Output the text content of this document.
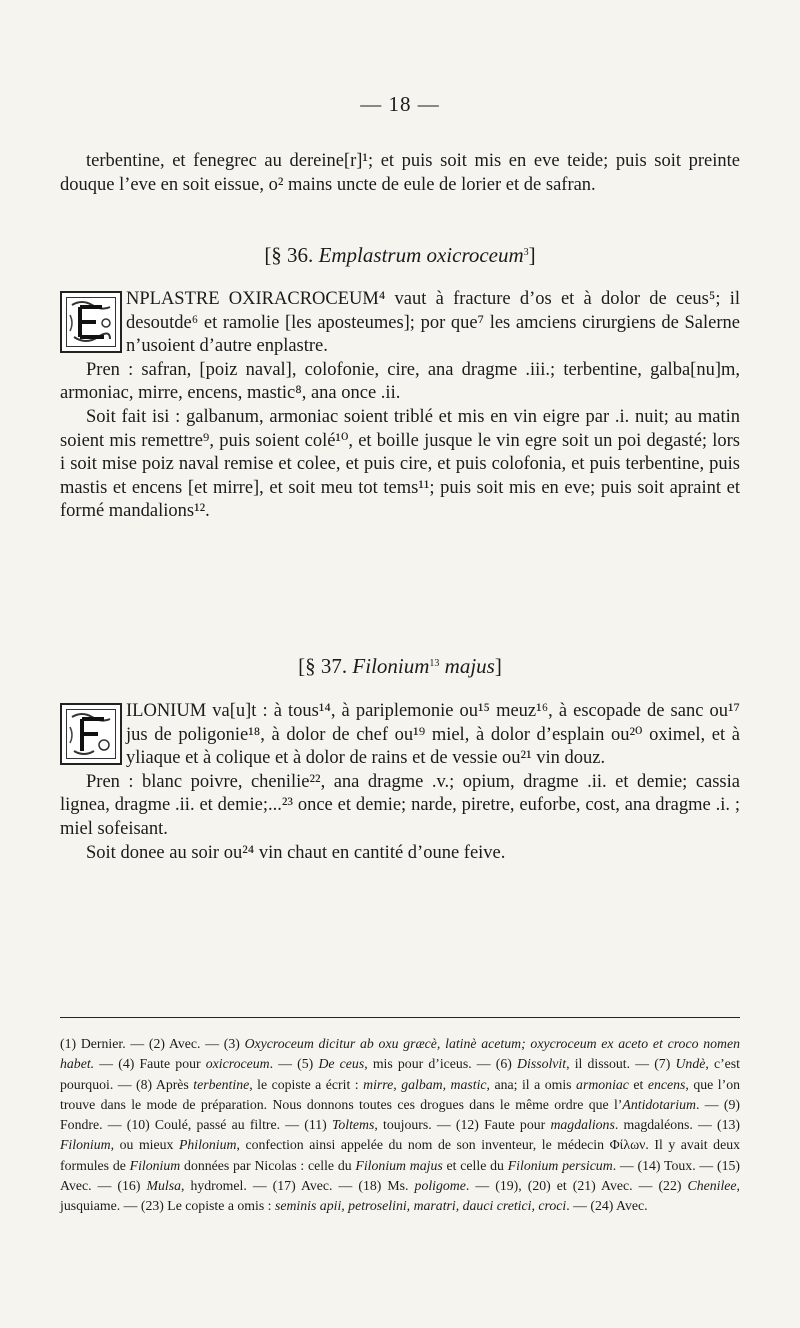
— 18 —

terbentine, et fenegrec au dereine[r]¹; et puis soit mis en eve teide; puis soit preinte douque l’eve en soit eissue, o² mains uncte de eule de lorier et de safran.

[§ 36. Emplastrum oxicroceum$^3$]

NPLASTRE OXIRACROCEUM⁴ vaut à fracture d’os et à dolor de ceus⁵; il desoutde⁶ et ramolie [les aposteumes]; por que⁷ les amciens cirurgiens de Salerne n’usoient d’autre enplastre.

Pren : safran, [poiz naval], colofonie, cire, ana dragme .iii.; terbentine, galba[nu]m, armoniac, mirre, encens, mastic⁸, ana once .ii.

Soit fait isi : galbanum, armoniac soient triblé et mis en vin eigre par .i. nuit; au matin soient mis remettre⁹, puis soient colé¹⁰, et boille jusque le vin egre soit un poi degasté; lors i soit mise poiz naval remise et colee, et puis cire, et puis colofonia, et puis terbentine, puis mastis et encens [et mirre], et soit meu tot tems¹¹; puis soit mis en eve; puis soit apraint et formé mandalions¹².

[§ 37. Filonium$^{13}$ majus]

ILONIUM va[u]t : à tous¹⁴, à pariplemonie ou¹⁵ meuz¹⁶, à escopade de sanc ou¹⁷ jus de poligonie¹⁸, à dolor de chef ou¹⁹ miel, à dolor d’esplain ou²⁰ oximel, et à yliaque et à colique et à dolor de rains et de vessie ou²¹ vin douz.

Pren : blanc poivre, chenilie²², ana dragme .v.; opium, dragme .ii. et demie; cassia lignea, dragme .ii. et demie;...²³ once et demie; narde, piretre, euforbe, cost, ana dragme .i. ; miel sofeisant.

Soit donee au soir ou²⁴ vin chaut en cantité d’oune feive.

(1) Dernier. — (2) Avec. — (3) Oxycroceum dicitur ab oxu græcè, latinè acetum; oxycroceum ex aceto et croco nomen habet. — (4) Faute pour oxicroceum. — (5) De ceus, mis pour d’iceus. — (6) Dissolvit, il dissout. — (7) Undè, c’est pourquoi. — (8) Après terbentine, le copiste a écrit : mirre, galbam, mastic, ana; il a omis armoniac et encens, que l’on trouve dans le mode de préparation. Nous donnons toutes ces drogues dans le même ordre que l’Antidotarium. — (9) Fondre. — (10) Coulé, passé au filtre. — (11) Toltems, toujours. — (12) Faute pour magdalions. magdaléons. — (13) Filonium, ou mieux Philonium, confection ainsi appelée du nom de son inventeur, le médecin Φίλων. Il y avait deux formules de Filonium données par Nicolas : celle du Filonium majus et celle du Filonium persicum. — (14) Toux. — (15) Avec. — (16) Mulsa, hydromel. — (17) Avec. — (18) Ms. poligome. — (19), (20) et (21) Avec. — (22) Chenilee, jusquiame. — (23) Le copiste a omis : seminis apii, petroselini, maratri, dauci cretici, croci. — (24) Avec.
